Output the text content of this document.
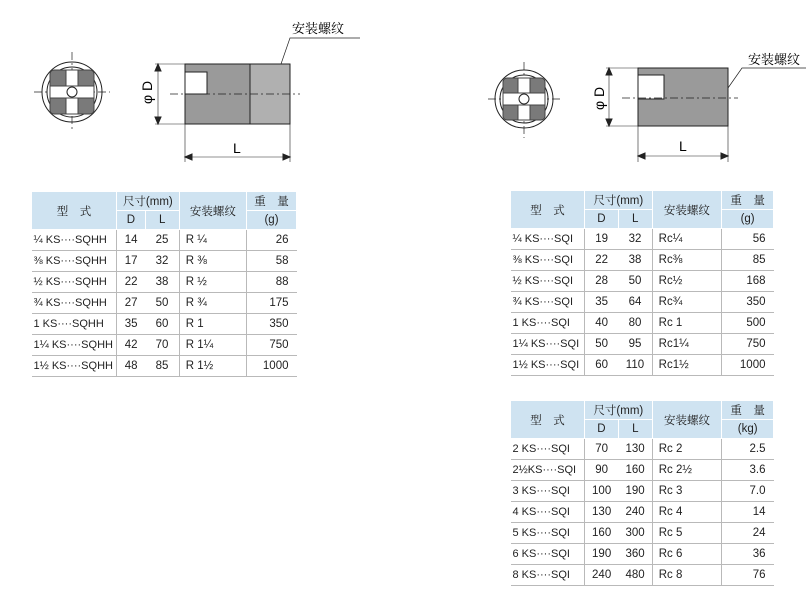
安装螺纹
φ D
L
安装螺纹
φ D
L
型　式	尺寸(mm)		安装螺纹	重　量
	D	L		(g)
¼ KS····SQHH	14	25	R ¼	26
⅜ KS····SQHH	17	32	R ⅜	58
½ KS····SQHH	22	38	R ½	88
¾ KS····SQHH	27	50	R ¾	175
1 KS····SQHH	35	60	R 1	350
1¼ KS····SQHH	42	70	R 1¼	750
1½ KS····SQHH	48	85	R 1½	1000
型　式	尺寸(mm)		安装螺纹	重　量
	D	L		(g)
¼ KS····SQI	19	32	Rc¼	56
⅜ KS····SQI	22	38	Rc⅜	85
½ KS····SQI	28	50	Rc½	168
¾ KS····SQI	35	64	Rc¾	350
1 KS····SQI	40	80	Rc 1	500
1¼ KS····SQI	50	95	Rc1¼	750
1½ KS····SQI	60	110	Rc1½	1000
型　式	尺寸(mm)		安装螺纹	重　量
	D	L		(kg)
2 KS····SQI	70	130	Rc 2	2.5
2½KS····SQI	90	160	Rc 2½	3.6
3 KS····SQI	100	190	Rc 3	7.0
4 KS····SQI	130	240	Rc 4	14
5 KS····SQI	160	300	Rc 5	24
6 KS····SQI	190	360	Rc 6	36
8 KS····SQI	240	480	Rc 8	76
